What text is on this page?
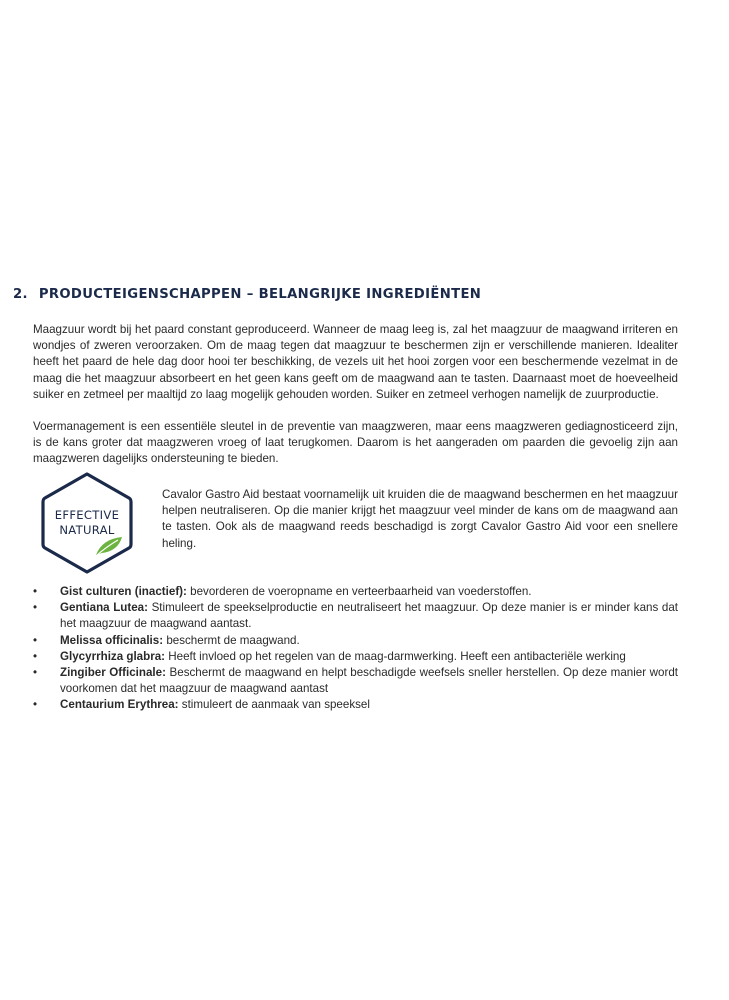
2. PRODUCTEIGENSCHAPPEN – BELANGRIJKE INGREDIËNTEN

Maagzuur wordt bij het paard constant geproduceerd. Wanneer de maag leeg is, zal het maagzuur de maagwand irriteren en wondjes of zweren veroorzaken. Om de maag tegen dat maagzuur te beschermen zijn er verschillende manieren. Idealiter heeft het paard de hele dag door hooi ter beschikking, de vezels uit het hooi zorgen voor een beschermende vezelmat in de maag die het maagzuur absorbeert en het geen kans geeft om de maagwand aan te tasten. Daarnaast moet de hoeveelheid suiker en zetmeel per maaltijd zo laag mogelijk gehouden worden. Suiker en zetmeel verhogen namelijk de zuurproductie.

Voermanagement is een essentiële sleutel in de preventie van maagzweren, maar eens maagzweren gediagnosticeerd zijn, is de kans groter dat maagzweren vroeg of laat terugkomen. Daarom is het aangeraden om paarden die gevoelig zijn aan maagzweren dagelijks ondersteuning te bieden.

EFFECTIVE
NATURAL

Cavalor Gastro Aid bestaat voornamelijk uit kruiden die de maagwand beschermen en het maagzuur helpen neutraliseren. Op die manier krijgt het maagzuur veel minder de kans om de maagwand aan te tasten. Ook als de maagwand reeds beschadigd is zorgt Cavalor Gastro Aid voor een snellere heling.

• Gist culturen (inactief): bevorderen de voeropname en verteerbaarheid van voederstoffen.
• Gentiana Lutea: Stimuleert de speekselproductie en neutraliseert het maagzuur. Op deze manier is er minder kans dat het maagzuur de maagwand aantast.
• Melissa officinalis: beschermt de maagwand.
• Glycyrrhiza glabra: Heeft invloed op het regelen van de maag-darmwerking. Heeft een antibacteriële werking
• Zingiber Officinale: Beschermt de maagwand en helpt beschadigde weefsels sneller herstellen. Op deze manier wordt voorkomen dat het maagzuur de maagwand aantast
• Centaurium Erythrea: stimuleert de aanmaak van speeksel
